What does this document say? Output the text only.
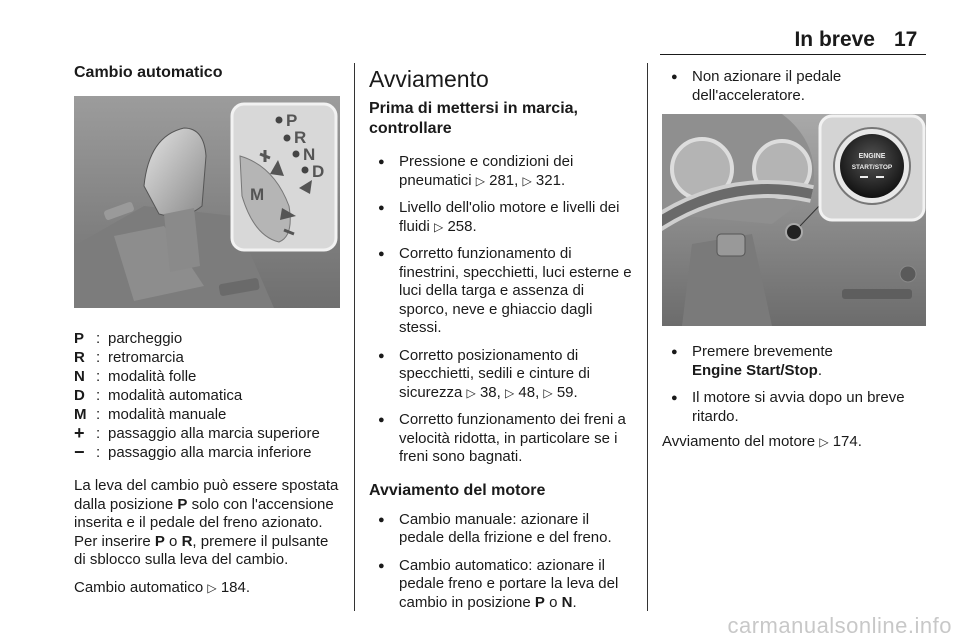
In breve 17
Cambio automatico
P
R
N
D
M
P : parcheggio
R : retromarcia
N : modalità folle
D : modalità automatica
M : modalità manuale
+ : passaggio alla marcia superiore
− : passaggio alla marcia inferiore

La leva del cambio può essere spostata dalla posizione P solo con l'accensione inserita e il pedale del freno azionato. Per inserire P o R, premere il pulsante di sblocco sulla leva del cambio.

Cambio automatico ▷ 184.

Avviamento
Prima di mettersi in marcia, controllare
● Pressione e condizioni dei pneumatici ▷ 281, ▷ 321.
● Livello dell'olio motore e livelli dei fluidi ▷ 258.
● Corretto funzionamento di finestrini, specchietti, luci esterne e luci della targa e assenza di sporco, neve e ghiaccio dagli stessi.
● Corretto posizionamento di specchietti, sedili e cinture di sicurezza ▷ 38, ▷ 48, ▷ 59.
● Corretto funzionamento dei freni a velocità ridotta, in particolare se i freni sono bagnati.
Avviamento del motore
● Cambio manuale: azionare il pedale della frizione e del freno.
● Cambio automatico: azionare il pedale freno e portare la leva del cambio in posizione P o N.
● Non azionare il pedale dell'acceleratore.
ENGINE
START/STOP
● Premere brevemente
Engine Start/Stop.
● Il motore si avvia dopo un breve ritardo.

Avviamento del motore ▷ 174.

carmanualsonline.info
